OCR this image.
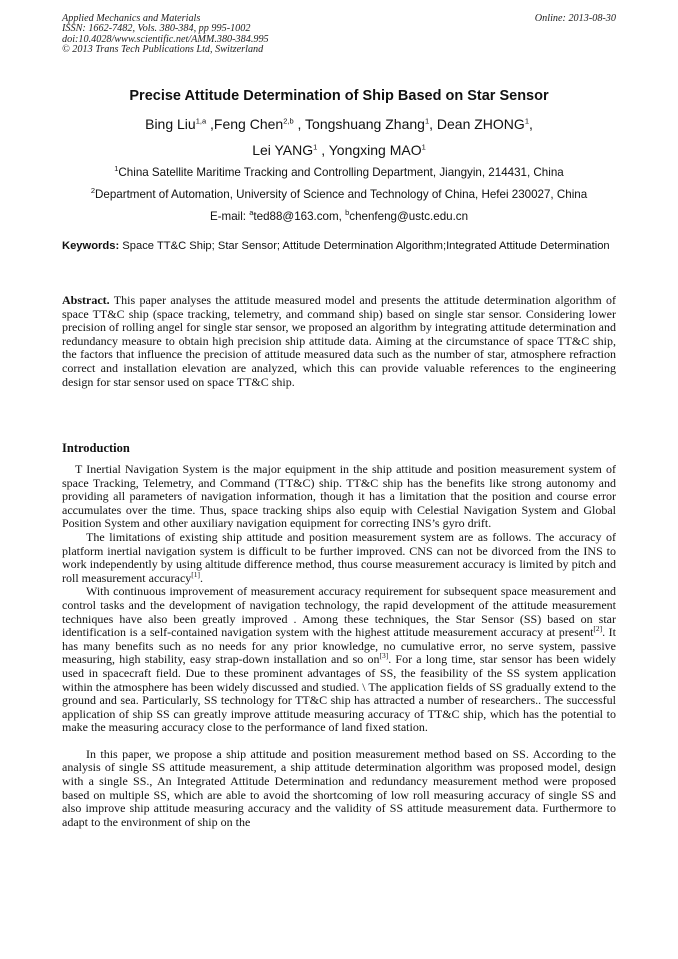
Applied Mechanics and Materials
ISSN: 1662-7482, Vols. 380-384, pp 995-1002
doi:10.4028/www.scientific.net/AMM.380-384.995
© 2013 Trans Tech Publications Ltd, Switzerland
Online: 2013-08-30
Precise Attitude Determination of Ship Based on Star Sensor
Bing Liu$^{1,a}$ ,Feng Chen$^{2,b}$ , Tongshuang Zhang$^1$, Dean ZHONG$^1$,
Lei YANG$^1$ , Yongxing MAO$^1$
$^1$China Satellite Maritime Tracking and Controlling Department, Jiangyin, 214431, China
$^2$Department of Automation, University of Science and Technology of China, Hefei 230027, China
E-mail: $^a$ted88@163.com, $^b$chenfeng@ustc.edu.cn
Keywords: Space TT&C Ship; Star Sensor; Attitude Determination Algorithm;Integrated Attitude Determination
Abstract. This paper analyses the attitude measured model and presents the attitude determination algorithm of space TT&C ship (space tracking, telemetry, and command ship) based on single star sensor. Considering lower precision of rolling angel for single star sensor, we proposed an algorithm by integrating attitude determination and redundancy measure to obtain high precision ship attitude data. Aiming at the circumstance of space TT&C ship, the factors that influence the precision of attitude measured data such as the number of star, atmosphere refraction correct and installation elevation are analyzed, which this can provide valuable references to the engineering design for star sensor used on space TT&C ship.
Introduction

T Inertial Navigation System is the major equipment in the ship attitude and position measurement system of space Tracking, Telemetry, and Command (TT&C) ship. TT&C ship has the benefits like strong autonomy and providing all parameters of navigation information, though it has a limitation that the position and course error accumulates over the time. Thus, space tracking ships also equip with Celestial Navigation System and Global Position System and other auxiliary navigation equipment for correcting INS’s gyro drift.

The limitations of existing ship attitude and position measurement system are as follows. The accuracy of platform inertial navigation system is difficult to be further improved. CNS can not be divorced from the INS to work independently by using altitude difference method, thus course measurement accuracy is limited by pitch and roll measurement accuracy[1].

With continuous improvement of measurement accuracy requirement for subsequent space measurement and control tasks and the development of navigation technology, the rapid development of the attitude measurement techniques have also been greatly improved . Among these techniques, the Star Sensor (SS) based on star identification is a self-contained navigation system with the highest attitude measurement accuracy at present[2]. It has many benefits such as no needs for any prior knowledge, no cumulative error, no serve system, passive measuring, high stability, easy strap-down installation and so on[3]. For a long time, star sensor has been widely used in spacecraft field. Due to these prominent advantages of SS, the feasibility of the SS system application within the atmosphere has been widely discussed and studied. \ The application fields of SS gradually extend to the ground and sea. Particularly, SS technology for TT&C ship has attracted a number of researchers.. The successful application of ship SS can greatly improve attitude measuring accuracy of TT&C ship, which has the potential to make the measuring accuracy close to the performance of land fixed station.

In this paper, we propose a ship attitude and position measurement method based on SS. According to the analysis of single SS attitude measurement, a ship attitude determination algorithm was proposed model, design with a single SS., An Integrated Attitude Determination and redundancy measurement method were proposed based on multiple SS, which are able to avoid the shortcoming of low roll measuring accuracy of single SS and also improve ship attitude measuring accuracy and the validity of SS attitude measurement data. Furthermore to adapt to the environment of ship on the
